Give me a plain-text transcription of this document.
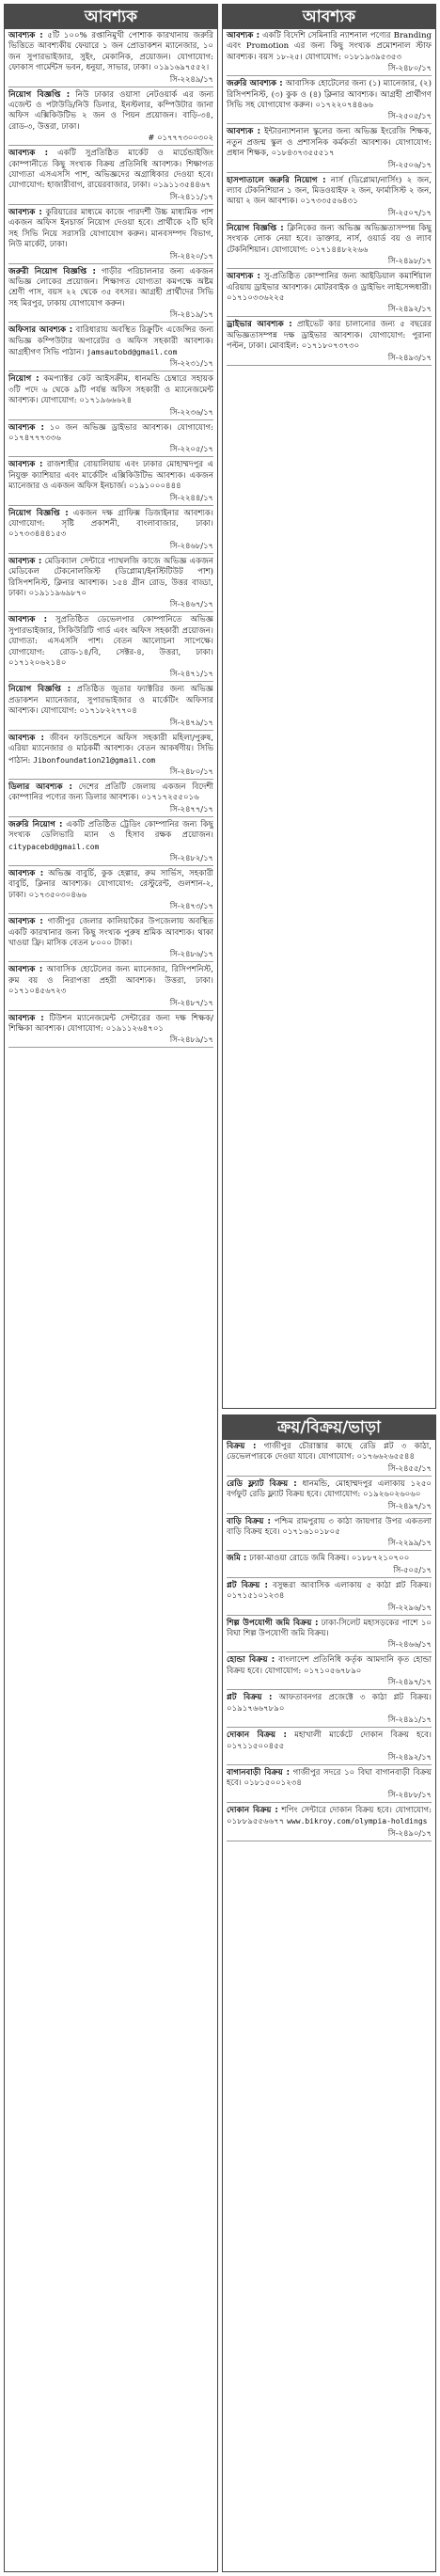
আবশ্যক

আবশ্যক : ৫টি ১০০% রপ্তানিমুখী পোশাক কারখানায় জরুরি ভিত্তিতে আবশ্যকীয় ফেয়ারে ১ জন প্রোডাকশন ম্যানেজার, ১০ জন সুপারভাইজার, সুইং, মেকানিক, প্রয়োজন। যোগাযোগ: ফোকাস গার্মেন্টস ভবন, ধনুয়া, সাভার, ঢাকা। ০১৯১৬৯৭৫৫২।

সি-২২৪৯/১৭

নিয়োগ বিজ্ঞপ্তি : নিউ ঢাকার ওয়াসা নেটওয়ার্ক এর জন্য এজেন্ট ও পটাউডি/নিউ ডিলার, ইনস্টলার, কম্পিউটার জানা অফিস এক্সিকিউটিভ ২ জন ও পিয়ন প্রয়োজন। বাড়ি-৩৪, রোড-৩, উত্তরা, ঢাকা।

# ০১৭৭৭৩০০৩০২

আবশ্যক : একটি সুপ্রতিষ্ঠিত মার্কেট ও মার্চেন্ডাইজিং কোম্পানীতে কিছু সংখ্যক বিক্রয় প্রতিনিধি আবশ্যক। শিক্ষাগত যোগ্যতা এসএসসি পাশ, অভিজ্ঞদের অগ্রাধিকার দেওয়া হবে। যোগাযোগ: হাজারীবাগ, রায়েরবাজার, ঢাকা। ০১৯১১৩৫৪৪৬৭

সি-২৪১১/১৭

আবশ্যক : কুরিয়ারের মাধ্যমে কাজে পারদর্শী উচ্চ মাধ্যমিক পাশ একজন অফিস ইনচার্জ নিয়োগ দেওয়া হবে। প্রার্থীকে ২টি ছবি সহ সিভি নিয়ে সরাসরি যোগাযোগ করুন। মানবসম্পদ বিভাগ, নিউ মার্কেট, ঢাকা।

সি-২৪২০/১৭

জরুরী নিয়োগ বিজ্ঞপ্তি : গাড়ীর পরিচালনার জন্য একজন অভিজ্ঞ লোকের প্রয়োজন। শিক্ষাগত যোগ্যতা কমপক্ষে অষ্টম শ্রেণী পাস, বয়স ২২ থেকে ৩৫ বৎসর। আগ্রহী প্রার্থীদের সিভি সহ মিরপুর, ঢাকায় যোগাযোগ করুন।

সি-২৪১৯/১৭

অফিসার আবশ্যক : বারিধারায় অবস্থিত রিক্রুটিং এজেন্সির জন্য অভিজ্ঞ কম্পিউটার অপারেটর ও অফিস সহকারী আবশ্যক। আগ্রহীগণ সিভি পাঠান। jamsautobd@gmail.com

সি-২২৩১/১৭

নিয়োগ : কমপ্যাক্টর কেট আইসক্রীম, ধানমন্ডি চেম্বারে সহায়ক ৩টি পদে ৬ থেকে ৯টি পর্যন্ত অফিস সহকারী ও ম্যানেজমেন্ট আবশ্যক। যোগাযোগ: ০১৭১৯৬৬৬২৪

সি-২২৩৬/১৭

আবশ্যক : ১০ জন অভিজ্ঞ ড্রাইভার আবশ্যক। যোগাযোগ: ০১৭৪৭৭৭৩৩৬

সি-২২০৫/১৭

আবশ্যক : রাজশাহীর বোয়ালিয়ায় এবং ঢাকার মোহাম্মদপুর এ নিযুক্ত ক্যাশিয়ার এবং মার্কেটিং এক্সিকিউটিভ আবশ্যক। একজন ম্যানেজার ও একজন অফিস ইনচার্জ। ০১৯১০০০৪৪৪

সি-২২৪৪/১৭

নিয়োগ বিজ্ঞপ্তি : একজন দক্ষ গ্রাফিক্স ডিজাইনার আবশ্যক। যোগাযোগ: সৃষ্টি প্রকাশনী, বাংলাবাজার, ঢাকা। ০১৭৩৩৪৪৪১৫৩

সি-২৪৬৮/১৭

আবশ্যক : মেডিক্যাল সেন্টারে প্যাথলজি কাজে অভিজ্ঞ একজন মেডিকেল টেকনোলজিস্ট (ডিপ্লোমা/ইনস্টিটিউট পাশ) রিসিপশনিস্ট, ক্লিনার আবশ্যক। ১৫৪ গ্রীন রোড, উত্তর বাড্ডা, ঢাকা। ০১৯১১৯৬৯৮৭০

সি-২৪৬৭/১৭

আবশ্যক : সুপ্রতিষ্ঠিত ডেভেলপার কোম্পানিতে অভিজ্ঞ সুপারভাইজার, সিকিউরিটি গার্ড এবং অফিস সহকারী প্রয়োজন। যোগ্যতা: এসএসসি পাশ। বেতন আলোচনা সাপেক্ষে। যোগাযোগ: রোড-১৪/বি, সেক্টর-৪, উত্তরা, ঢাকা। ০১৭১২০৬২১৪০

সি-২৪৭১/১৭

নিয়োগ বিজ্ঞপ্তি : প্রতিষ্ঠিত জুতার ফ্যাক্টরির জন্য অভিজ্ঞ প্রডাকশন ম্যানেজার, সুপারভাইজার ও মার্কেটিং অফিসার আবশ্যক। যোগাযোগ: ০১৭১৮২২৭৭০৪

সি-২৪৭৯/১৭

আবশ্যক : জীবন ফাউন্ডেশনে অফিস সহকারী মহিলা/পুরুষ, এরিয়া ম্যানেজার ও মাঠকর্মী আবশ্যক। বেতন আকর্ষণীয়। সিভি পাঠান: Jibonfoundation21@gmail.com

সি-২৪৮০/১৭

ডিলার আবশ্যক : দেশের প্রতিটি জেলায় একজন বিদেশী কোম্পানির পণ্যের জন্য ডিলার আবশ্যক। ০১৭১৭২৫৫০১৬

সি-২৪৭৭/১৭

জরুরি নিয়োগ : একটি প্রতিষ্ঠিত ট্রেডিং কোম্পানির জন্য কিছু সংখ্যক ডেলিভারি ম্যান ও হিসাব রক্ষক প্রয়োজন। citypacebd@gmail.com

সি-২৪৮২/১৭

আবশ্যক : অভিজ্ঞ বাবুর্চি, কুক হেল্পার, রুম সার্ভিস, সহকারী বাবুর্চি, ক্লিনার আবশ্যক। যোগাযোগ: রেস্টুরেন্ট, গুলশান-২, ঢাকা। ০১৭৩৫০৩০৪৬৬

সি-২৪৭৩/১৭

আবশ্যক : গাজীপুর জেলার কালিয়াকৈর উপজেলায় অবস্থিত একটি কারখানার জন্য কিছু সংখ্যক পুরুষ শ্রমিক আবশ্যক। থাকা খাওয়া ফ্রি। মাসিক বেতন ৮০০০ টাকা।

সি-২৪৮৬/১৭

আবশ্যক : আবাসিক হোটেলের জন্য ম্যানেজার, রিসিপশনিস্ট, রুম বয় ও নিরাপত্তা প্রহরী আবশ্যক। উত্তরা, ঢাকা। ০১৭১০৪৫৬৭২৩

সি-২৪৮৭/১৭

আবশ্যক : টিউশন ম্যানেজমেন্ট সেন্টারের জন্য দক্ষ শিক্ষক/শিক্ষিকা আবশ্যক। যোগাযোগ: ০১৯১১২৬৪৭০১

সি-২৪৮৯/১৭

আবশ্যক

আবশ্যক : একটি বিদেশি সেমিনারি ন্যাশনাল পণ্যের Branding এবং Promotion এর জন্য কিছু সংখ্যক প্রমোশনাল স্টাফ আবশ্যক। বয়স ১৮-২৫। যোগাযোগ: ০১৮১৯৩৯৫৩৫৩

সি-২৪৮০/১৭

জরুরি আবশ্যক : আবাসিক হোটেলের জন্য (১) ম্যানেজার, (২) রিসিপশনিস্ট, (৩) কুক ও (৪) ক্লিনার আবশ্যক। আগ্রহী প্রার্থীগণ সিভি সহ যোগাযোগ করুন। ০১৭২২০৭৪৪৬৬

সি-২৫০৫/১৭

আবশ্যক : ইন্টারন্যাশনাল স্কুলের জন্য অভিজ্ঞ ইংরেজি শিক্ষক, নতুন প্রজন্ম স্কুল ও প্রশাসনিক কর্মকর্তা আবশ্যক। যোগাযোগ: প্রধান শিক্ষক, ০১৮৪৩৭৩৫৫৫১৭

সি-২৫০৬/১৭

হাসপাতালে জরুরি নিয়োগ : নার্স (ডিপ্লোমা/নার্সিং) ২ জন, ল্যাব টেকনিশিয়ান ১ জন, মিডওয়াইফ ২ জন, ফার্মাসিস্ট ২ জন, আয়া ২ জন আবশ্যক। ০১৭৩৩৫৫৬৪৩১

সি-২৫০৭/১৭

নিয়োগ বিজ্ঞপ্তি : ক্লিনিকের জন্য অভিজ্ঞ অভিজ্ঞতাসম্পন্ন কিছু সংখ্যক লোক নেয়া হবে। ডাক্তার, নার্স, ওয়ার্ড বয় ও ল্যাব টেকনিশিয়ান। যোগাযোগ: ০১৭১৪৪৮২২৬৬

সি-২৪৯৮/১৭

আবশ্যক : সু-প্রতিষ্ঠিত কোম্পানির জন্য আইডিয়াল কমার্শিয়াল এরিয়ায় ড্রাইভার আবশ্যক। মোটরবাইক ও ড্রাইভিং লাইসেন্সধারী। ০১৭১০৩৩৬২২৫

সি-২৪৯২/১৭

ড্রাইভার আবশ্যক : প্রাইভেট কার চালানোর জন্য ৫ বছরের অভিজ্ঞতাসম্পন্ন দক্ষ ড্রাইভার আবশ্যক। যোগাযোগ: পুরানা পল্টন, ঢাকা। মোবাইল: ০১৭১৮০৭৩৭৩০

সি-২৪৯৩/১৭

ক্রয়/বিক্রয়/ভাড়া

বিক্রয় : গাজীপুর চৌরাস্তার কাছে রেডি প্লট ৩ কাঠা, ডেভেলপারকে দেওয়া যাবে। যোগাযোগ: ০১৭৬৬২৬৫৫৪৪

সি-২৪৫৫/১৭

রেডি ফ্ল্যাট বিক্রয় : ধানমন্ডি, মোহাম্মদপুর এলাকায় ১২৫০ বর্গফুট রেডি ফ্ল্যাট বিক্রয় হবে। যোগাযোগ: ০১৯২৬০২৬০৬০

সি-২৪৯৭/১৭

বাড়ি বিক্রয় : পশ্চিম রামপুরায় ৩ কাঠা জায়গার উপর একতলা বাড়ি বিক্রয় হবে। ০১৭১৬১০১৮০৫

সি-২২৯৯/১৭

জমি : ঢাকা-মাওয়া রোডে জমি বিক্রয়। ০১৮৮৭২১০৭০০

সি-৫০৫/১৭

প্লট বিক্রয় : বসুন্ধরা আবাসিক এলাকায় ৫ কাঠা প্লট বিক্রয়। ০১৭১৫১০১২৩৪

সি-২২৯৬/১৭

শিল্প উপযোগী জমি বিক্রয় : ঢাকা-সিলেট মহাসড়কের পাশে ১০ বিঘা শিল্প উপযোগী জমি বিক্রয়।

সি-২৪৬৬/১৭

হোন্ডা বিক্রয় : বাংলাদেশ প্রতিনিধি কর্তৃক আমদানি কৃত হোন্ডা বিক্রয় হবে। যোগাযোগ: ০১৭১০৫৬৭৮৯০

সি-২৪৯৭/১৭

প্লট বিক্রয় : আফতাবনগর প্রজেক্টে ৩ কাঠা প্লট বিক্রয়। ০১৯১৭৬৬৭৮৯০

সি-২৪৯১/১৭

দোকান বিক্রয় : মহাখালী মার্কেটে দোকান বিক্রয় হবে। ০১৭১১৫০০৪৫৫

সি-২৪৯২/১৭

বাগানবাড়ী বিক্রয় : গাজীপুর সদরে ১০ বিঘা বাগানবাড়ী বিক্রয় হবে। ০১৮১৫০০১২৩৪

সি-২৪৮৮/১৭

দোকান বিক্রয় : শপিং সেন্টারে দোকান বিক্রয় হবে। যোগাযোগ: ০১৮৮৯৫৫৬৬৭৭ www.bikroy.com/olympia-holdings

সি-২৪৯০/১৭
